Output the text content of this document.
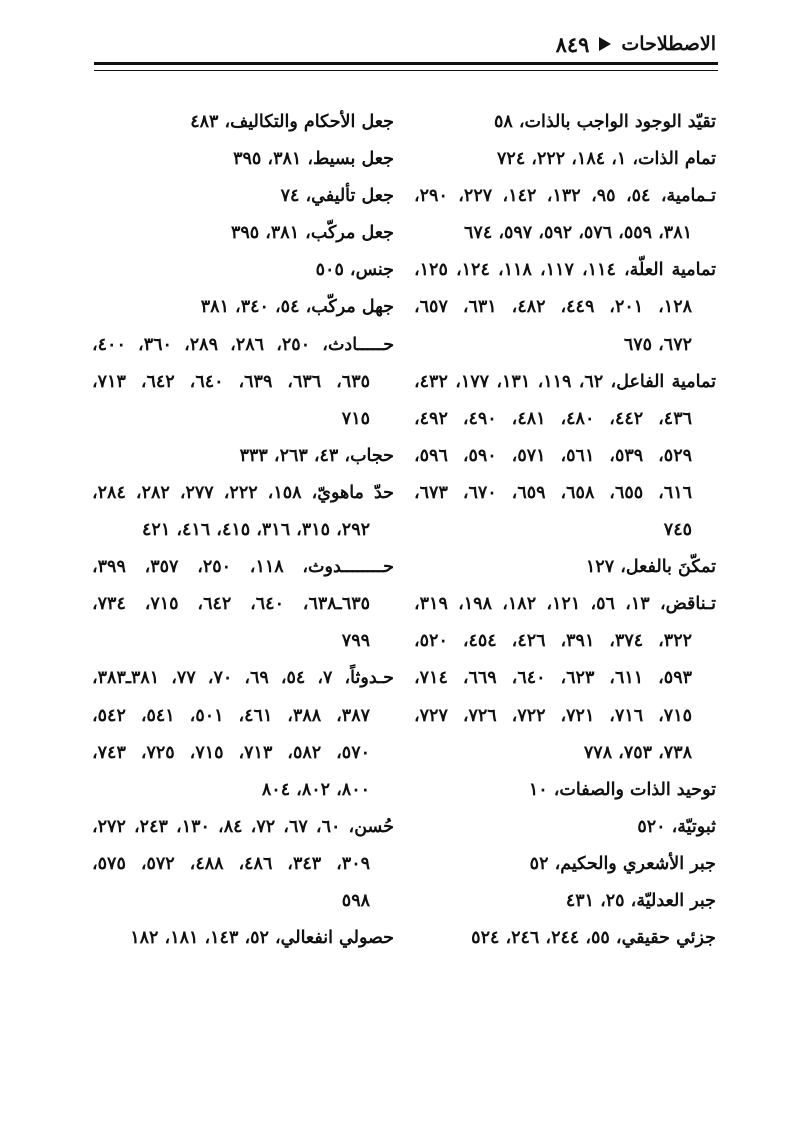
الاصطلاحات
٨٤٩
تقيّد الوجود الواجب بالذات، ٥٨
تمام الذات، ١، ١٨٤، ٢٢٢، ٧٢٤
تـمامية، ٥٤، ٩٥، ١٣٢، ١٤٢، ٢٢٧، ٢٩٠،
٣٨١، ٥٥٩، ٥٧٦، ٥٩٢، ٥٩٧، ٦٧٤
تمامية العلّة، ١١٤، ١١٧، ١١٨، ١٢٤، ١٢٥،
١٢٨، ٢٠١، ٤٤٩، ٤٨٢، ٦٣١، ٦٥٧،
٦٧٢، ٦٧٥
تمامية الفاعل، ٦٢، ١١٩، ١٣١، ١٧٧، ٤٣٢،
٤٣٦، ٤٤٢، ٤٨٠، ٤٨١، ٤٩٠، ٤٩٢،
٥٢٩، ٥٣٩، ٥٦١، ٥٧١، ٥٩٠، ٥٩٦،
٦١٦، ٦٥٥، ٦٥٨، ٦٥٩، ٦٧٠، ٦٧٣،
٧٤٥
تمكّنَ بالفعل، ١٢٧
تـناقض، ١٣، ٥٦، ١٢١، ١٨٢، ١٩٨، ٣١٩،
٣٢٢، ٣٧٤، ٣٩١، ٤٢٦، ٤٥٤، ٥٢٠،
٥٩٣، ٦١١، ٦٢٣، ٦٤٠، ٦٦٩، ٧١٤،
٧١٥، ٧١٦، ٧٢١، ٧٢٢، ٧٢٦، ٧٢٧،
٧٣٨، ٧٥٣، ٧٧٨
توحيد الذات والصفات، ١٠
ثبوتيّة، ٥٢٠
جبر الأشعري والحكيم، ٥٢
جبر العدليّة، ٢٥، ٤٣١
جزئي حقيقي، ٥٥، ٢٤٤، ٢٤٦، ٥٢٤
جعل الأحكام والتكاليف، ٤٨٣
جعل بسيط، ٣٨١، ٣٩٥
جعل تأليفي، ٧٤
جعل مركّب، ٣٨١، ٣٩٥
جنس، ٥٠٥
جهل مركّب، ٥٤، ٣٤٠، ٣٨١
حـــــادث، ٢٥٠، ٢٨٦، ٢٨٩، ٣٦٠، ٤٠٠،
٦٣٥، ٦٣٦، ٦٣٩، ٦٤٠، ٦٤٢، ٧١٣،
٧١٥
حجاب، ٤٣، ٢٦٣، ٣٣٣
حدّ ماهويّ، ١٥٨، ٢٢٢، ٢٧٧، ٢٨٢، ٢٨٤،
٢٩٢، ٣١٥، ٣١٦، ٤١٥، ٤١٦، ٤٢١
حــــــــدوث، ١١٨، ٢٥٠، ٣٥٧، ٣٩٩،
٦٣٥ـ٦٣٨، ٦٤٠، ٦٤٢، ٧١٥، ٧٣٤،
٧٩٩
حـدوثاً، ٧، ٥٤، ٦٩، ٧٠، ٧٧، ٣٨١ـ٣٨٣،
٣٨٧، ٣٨٨، ٤٦١، ٥٠١، ٥٤١، ٥٤٢،
٥٧٠، ٥٨٢، ٧١٣، ٧١٥، ٧٢٥، ٧٤٣،
٨٠٠، ٨٠٢، ٨٠٤
حُسن، ٦٠، ٦٧، ٧٢، ٨٤، ١٣٠، ٢٤٣، ٢٧٢،
٣٠٩، ٣٤٣، ٤٨٦، ٤٨٨، ٥٧٢، ٥٧٥،
٥٩٨
حصولي انفعالي، ٥٢، ١٤٣، ١٨١، ١٨٢
